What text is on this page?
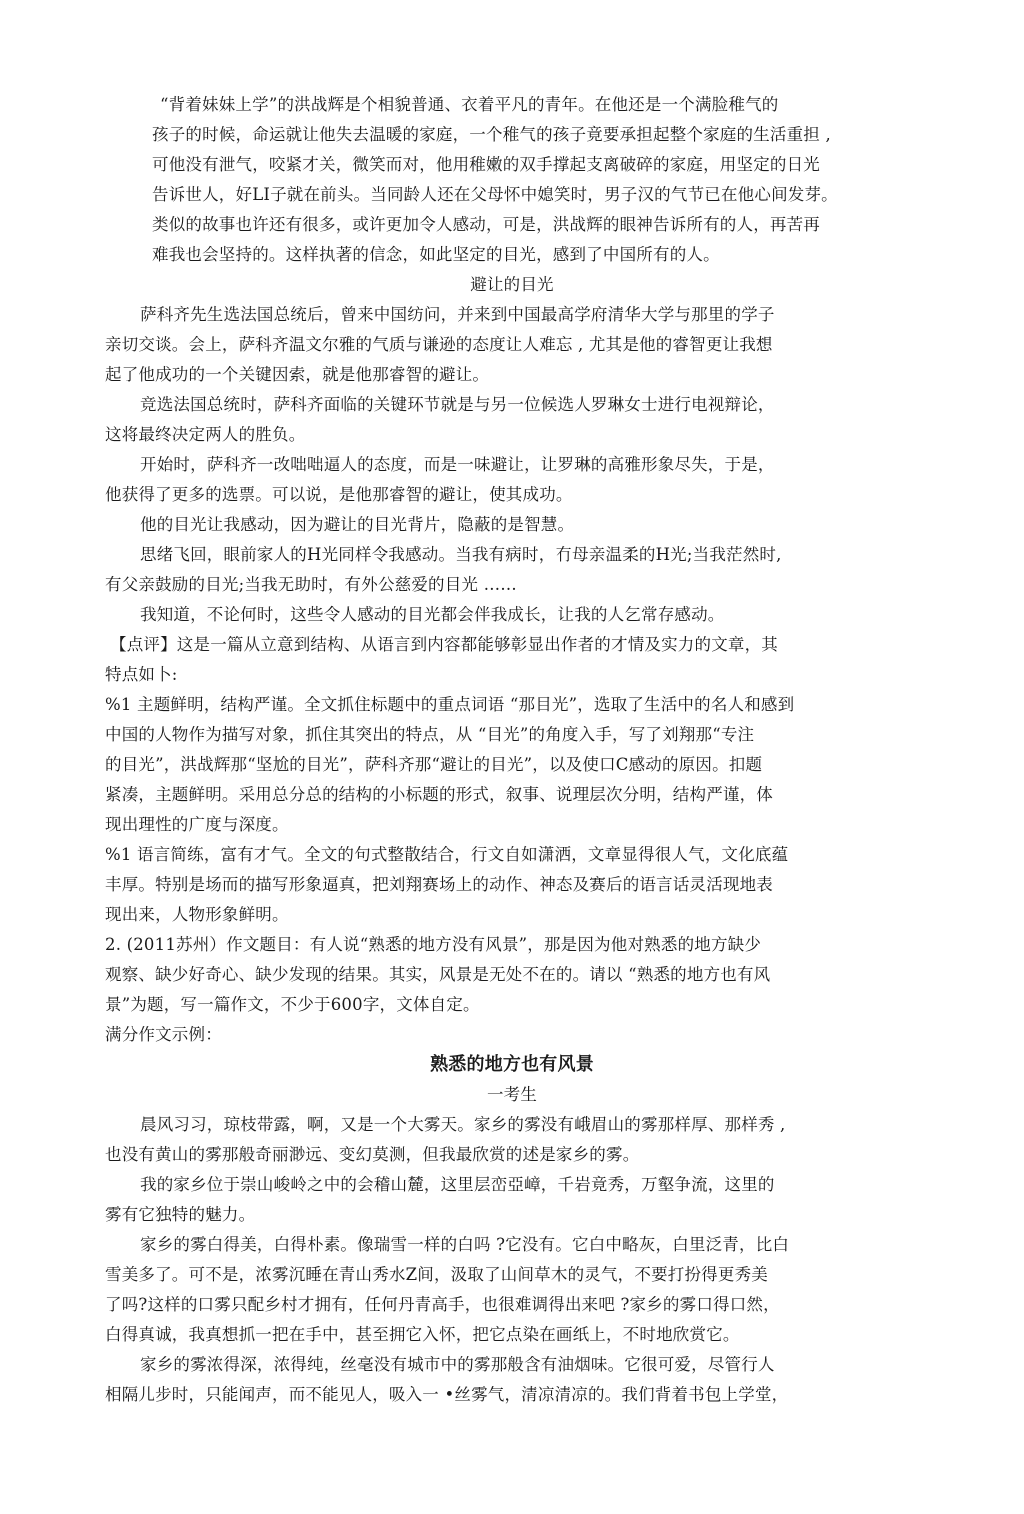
“背着妹妹上学”的洪战辉是个相貌普通、衣着平凡的青年。在他还是一个满脸稚气的
孩子的时候，命运就让他失去温暖的家庭，一个稚气的孩子竟要承担起整个家庭的生活重担 ,
可他没有泄气，咬紧才关，微笑而对，他用稚嫩的双手撑起支离破碎的家庭，用坚定的日光
告诉世人，好LI子就在前头。当同龄人还在父母怀中媳笑时，男子汉的气节已在他心间发芽。
类似的故事也许还有很多，或许更加令人感动，可是，洪战辉的眼神告诉所有的人，再苦再
难我也会坚持的。这样执著的信念，如此坚定的目光，感到了中国所有的人。
避让的目光
萨科齐先生选法国总统后，曾来中国纺问，并来到中国最高学府清华大学与那里的学子
亲切交谈。会上，萨科齐温文尔雅的气质与谦逊的态度让人难忘 , 尤其是他的睿智更让我想
起了他成功的一个关键因索，就是他那睿智的避让。
竞选法国总统时，萨科齐面临的关键环节就是与另一位候选人罗琳女士进行电视辩论，
这将最终决定两人的胜负。
开始时，萨科齐一改咄咄逼人的态度，而是一味避让，让罗琳的高雅形象尽失，于是，
他获得了更多的选票。可以说，是他那睿智的避让，使其成功。
他的目光让我感动，因为避让的目光背片，隐蔽的是智慧。
思绪飞回，眼前家人的H光同样令我感动。当我有病时，冇母亲温柔的H光;当我茫然时,
有父亲鼓励的目光;当我无助时，有外公慈爱的目光 ……
我知道，不论何时，这些令人感动的目光都会伴我成长，让我的人乞常存感动。
【点评】这是一篇从立意到结构、从语言到内容都能够彰显出作者的才情及实力的文章，其
特点如卜:
%1 主题鲜明，结构严谨。全文抓住标题中的重点词语 “那目光”，选取了生活中的名人和感到
中国的人物作为描写对象，抓住其突出的特点，从 “目光”的角度入手，写了刘翔那“专注
的目光”，洪战辉那“坚尬的目光”，萨科齐那“避让的目光”，以及使口C感动的原因。扣题
紧凑，主题鲜明。采用总分总的结构的小标题的形式，叙事、说理层次分明，结构严谨，体
现出理性的广度与深度。
%1 语言简练，富有才气。全文的句式整散结合，行文自如潇洒，文章显得很人气，文化底蕴
丰厚。特别是场而的描写形象逼真，把刘翔赛场上的动作、神态及赛后的语言话灵活现地表
现出来，人物形象鲜明。
2. (2011苏州）作文题目：有人说“熟悉的地方没有风景”，那是因为他对熟悉的地方缺少
观察、缺少好奇心、缺少发现的结果。其实，风景是无处不在的。请以 “熟悉的地方也有风
景”为题，写一篇作文，不少于600字，文体自定。
满分作文示例：
熟悉的地方也有风景
一考生
晨风习习，琼枝带露，啊，又是一个大雾天。家乡的雾没有峨眉山的雾那样厚、那样秀 ,
也没有黄山的雾那般奇丽渺远、变幻莫测，但我最欣赏的述是家乡的雾。
我的家乡位于崇山峻岭之中的会稽山麓，这里层峦亞嶂，千岩竟秀，万壑争流，这里的
雾有它独特的魅力。
家乡的雾白得美，白得朴素。像瑞雪一样的白吗 ?它没有。它白中略灰，白里泛青，比白
雪美多了。可不是，浓雾沉睡在青山秀水Z间，汲取了山间草木的灵气，不要打扮得更秀美
了吗?这样的口雾只配乡村才拥有，任何丹青高手，也很难调得出来吧 ?家乡的雾口得口然，
白得真诚，我真想抓一把在手中，甚至拥它入怀，把它点染在画纸上，不时地欣赏它。
家乡的雾浓得深，浓得纯，丝毫没有城市中的雾那般含有油烟味。它很可爱，尽管行人
相隔儿步时，只能闻声，而不能见人，吸入一 •丝雾气，清凉清凉的。我们背着书包上学堂，
